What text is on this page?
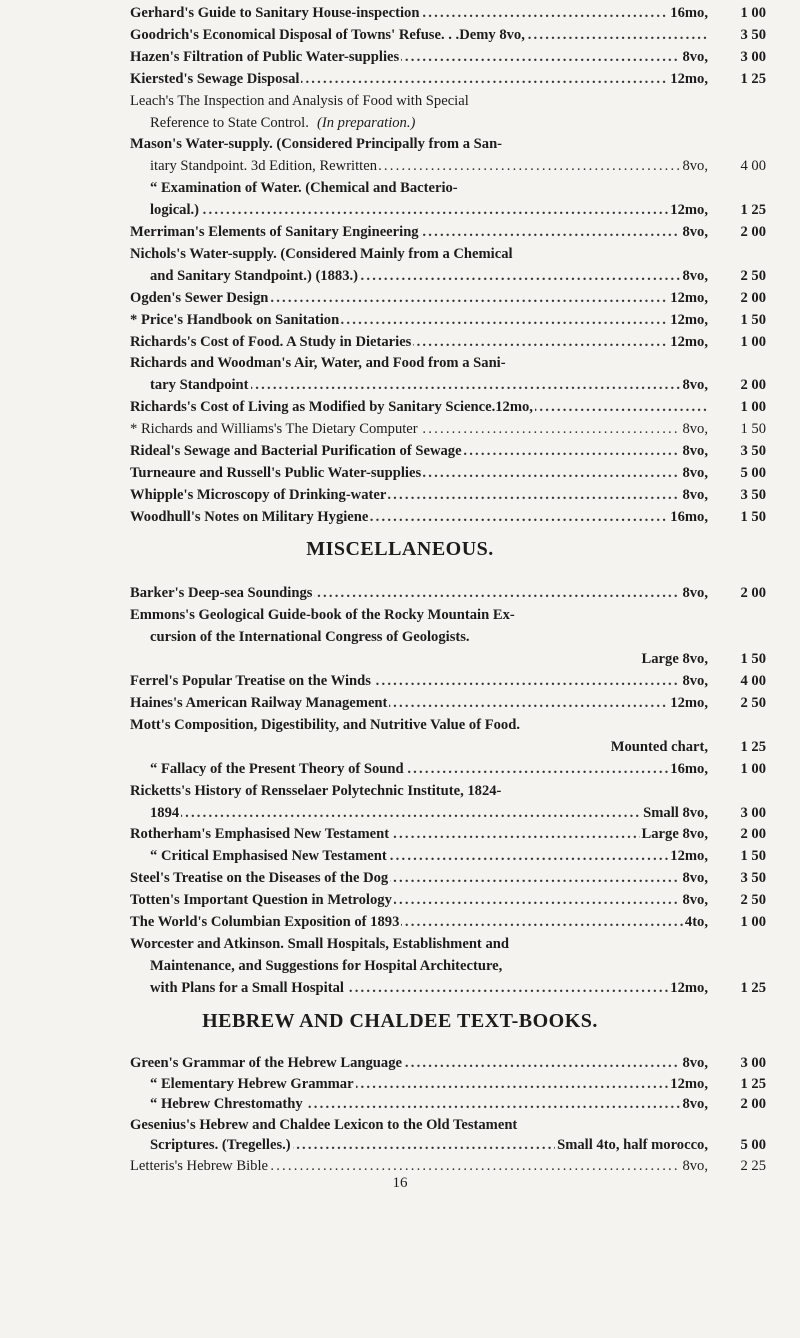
.....
Gerhard's Guide to Sanitary House-inspection	16mo,	1 00
.....
Goodrich's Economical Disposal of Towns' Refuse. . .Demy 8vo,	3 50
.....
Hazen's Filtration of Public Water-supplies	8vo,	3 00
.....
Kiersted's Sewage Disposal	12mo,	1 25
Leach's The Inspection and Analysis of Food with Special
Reference to State Control. (In preparation.)
Mason's Water-supply. (Considered Principally from a San-
.....
itary Standpoint. 3d Edition, Rewritten	8vo,	4 00
“ Examination of Water. (Chemical and Bacterio-
.....
logical.)	12mo,	1 25
.....
Merriman's Elements of Sanitary Engineering	8vo,	2 00
Nichols's Water-supply. (Considered Mainly from a Chemical
.....
and Sanitary Standpoint.) (1883.)	8vo,	2 50
.....
Ogden's Sewer Design	12mo,	2 00
.....
* Price's Handbook on Sanitation	12mo,	1 50
.....
Richards's Cost of Food. A Study in Dietaries	12mo,	1 00
Richards and Woodman's Air, Water, and Food from a Sani-
.....
tary Standpoint	8vo,	2 00
.....
Richards's Cost of Living as Modified by Sanitary Science.12mo,	1 00
.....
* Richards and Williams's The Dietary Computer	8vo,	1 50
.....
Rideal's Sewage and Bacterial Purification of Sewage	8vo,	3 50
.....
Turneaure and Russell's Public Water-supplies	8vo,	5 00
.....
Whipple's Microscopy of Drinking-water	8vo,	3 50
.....
Woodhull's Notes on Military Hygiene	16mo,	1 50
MISCELLANEOUS.
.....
Barker's Deep-sea Soundings	8vo,	2 00
Emmons's Geological Guide-book of the Rocky Mountain Ex-
cursion of the International Congress of Geologists.
Large 8vo,	1 50
.....
Ferrel's Popular Treatise on the Winds	8vo,	4 00
.....
Haines's American Railway Management	12mo,	2 50
Mott's Composition, Digestibility, and Nutritive Value of Food.
Mounted chart,	1 25
.....
“ Fallacy of the Present Theory of Sound	16mo,	1 00
Ricketts's History of Rensselaer Polytechnic Institute, 1824-
.....
1894	Small 8vo,	3 00
.....
Rotherham's Emphasised New Testament	Large 8vo,	2 00
.....
“ Critical Emphasised New Testament	12mo,	1 50
.....
Steel's Treatise on the Diseases of the Dog	8vo,	3 50
.....
Totten's Important Question in Metrology	8vo,	2 50
.....
The World's Columbian Exposition of 1893	4to,	1 00
Worcester and Atkinson. Small Hospitals, Establishment and
Maintenance, and Suggestions for Hospital Architecture,
.....
with Plans for a Small Hospital	12mo,	1 25
HEBREW AND CHALDEE TEXT-BOOKS.
.....
Green's Grammar of the Hebrew Language	8vo,	3 00
.....
“ Elementary Hebrew Grammar	12mo,	1 25
.....
“ Hebrew Chrestomathy	8vo,	2 00
Gesenius's Hebrew and Chaldee Lexicon to the Old Testament
.....
Scriptures. (Tregelles.)	Small 4to, half morocco,	5 00
.....
Letteris's Hebrew Bible	8vo,	2 25
16
